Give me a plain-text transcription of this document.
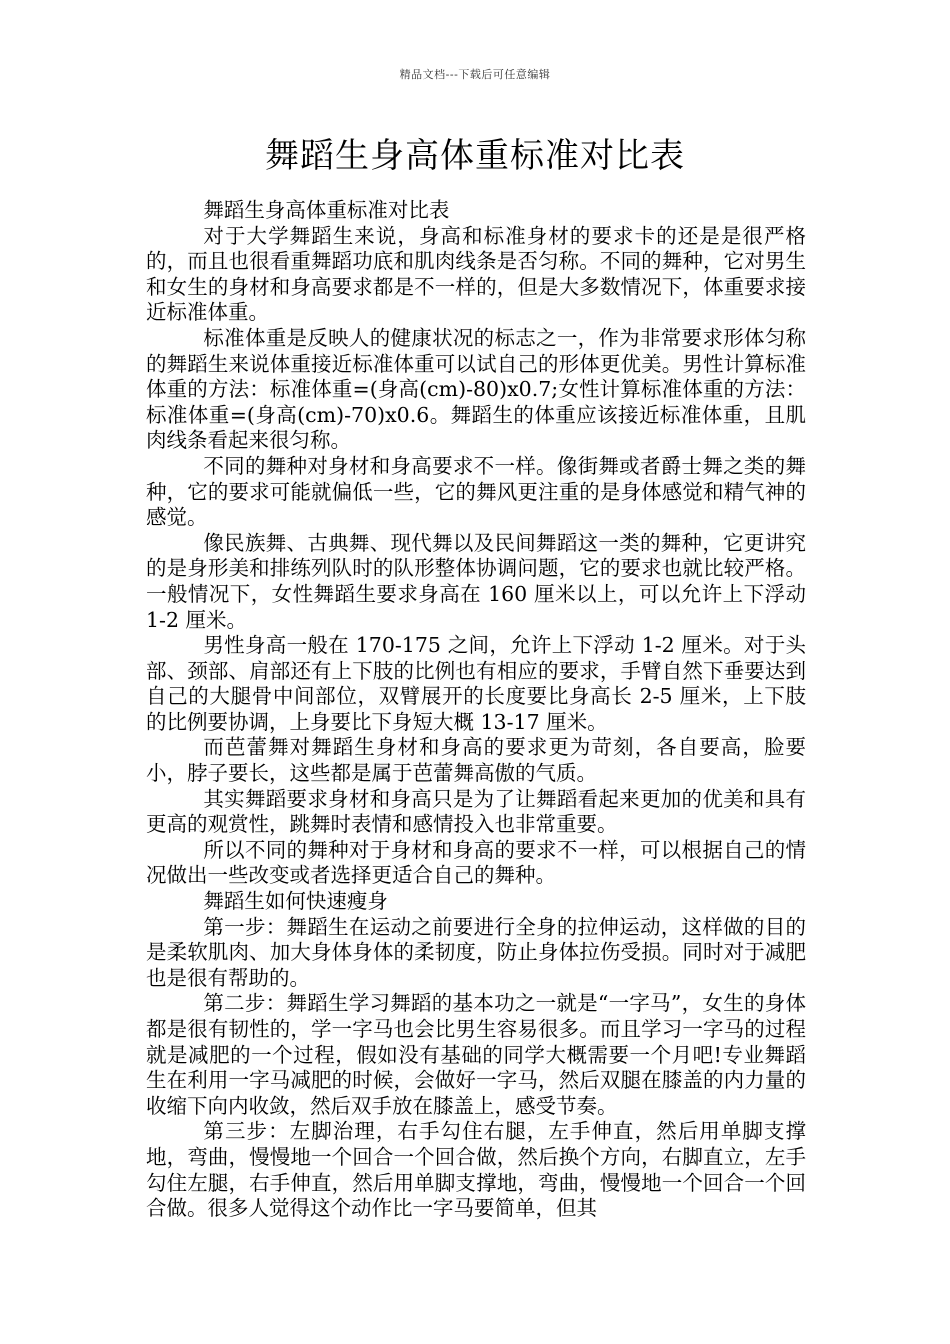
精品文档---下载后可任意编辑
舞蹈生身高体重标准对比表

舞蹈生身高体重标准对比表

对于大学舞蹈生来说，身高和标准身材的要求卡的还是是很严格的，而且也很看重舞蹈功底和肌肉线条是否匀称。不同的舞种，它对男生和女生的身材和身高要求都是不一样的，但是大多数情况下，体重要求接近标准体重。

标准体重是反映人的健康状况的标志之一，作为非常要求形体匀称的舞蹈生来说体重接近标准体重可以试自己的形体更优美。男性计算标准体重的方法：标准体重=(身高(cm)-80)x0.7;女性计算标准体重的方法：标准体重=(身高(cm)-70)x0.6。舞蹈生的体重应该接近标准体重，且肌肉线条看起来很匀称。

不同的舞种对身材和身高要求不一样。像街舞或者爵士舞之类的舞种，它的要求可能就偏低一些，它的舞风更注重的是身体感觉和精气神的感觉。

像民族舞、古典舞、现代舞以及民间舞蹈这一类的舞种，它更讲究的是身形美和排练列队时的队形整体协调问题，它的要求也就比较严格。一般情况下，女性舞蹈生要求身高在 160 厘米以上，可以允许上下浮动 1-2 厘米。

男性身高一般在 170-175 之间，允许上下浮动 1-2 厘米。对于头部、颈部、肩部还有上下肢的比例也有相应的要求，手臂自然下垂要达到自己的大腿骨中间部位，双臂展开的长度要比身高长 2-5 厘米，上下肢的比例要协调，上身要比下身短大概 13-17 厘米。

而芭蕾舞对舞蹈生身材和身高的要求更为苛刻，各自要高，脸要小，脖子要长，这些都是属于芭蕾舞高傲的气质。

其实舞蹈要求身材和身高只是为了让舞蹈看起来更加的优美和具有更高的观赏性，跳舞时表情和感情投入也非常重要。

所以不同的舞种对于身材和身高的要求不一样，可以根据自己的情况做出一些改变或者选择更适合自己的舞种。

舞蹈生如何快速瘦身

第一步：舞蹈生在运动之前要进行全身的拉伸运动，这样做的目的是柔软肌肉、加大身体身体的柔韧度，防止身体拉伤受损。同时对于减肥也是很有帮助的。

第二步：舞蹈生学习舞蹈的基本功之一就是“一字马”，女生的身体都是很有韧性的，学一字马也会比男生容易很多。而且学习一字马的过程就是减肥的一个过程，假如没有基础的同学大概需要一个月吧!专业舞蹈生在利用一字马减肥的时候，会做好一字马，然后双腿在膝盖的内力量的收缩下向内收敛，然后双手放在膝盖上，感受节奏。

第三步：左脚治理，右手勾住右腿，左手伸直，然后用单脚支撑地，弯曲，慢慢地一个回合一个回合做，然后换个方向，右脚直立，左手勾住左腿，右手伸直，然后用单脚支撑地，弯曲，慢慢地一个回合一个回合做。很多人觉得这个动作比一字马要简单，但其
